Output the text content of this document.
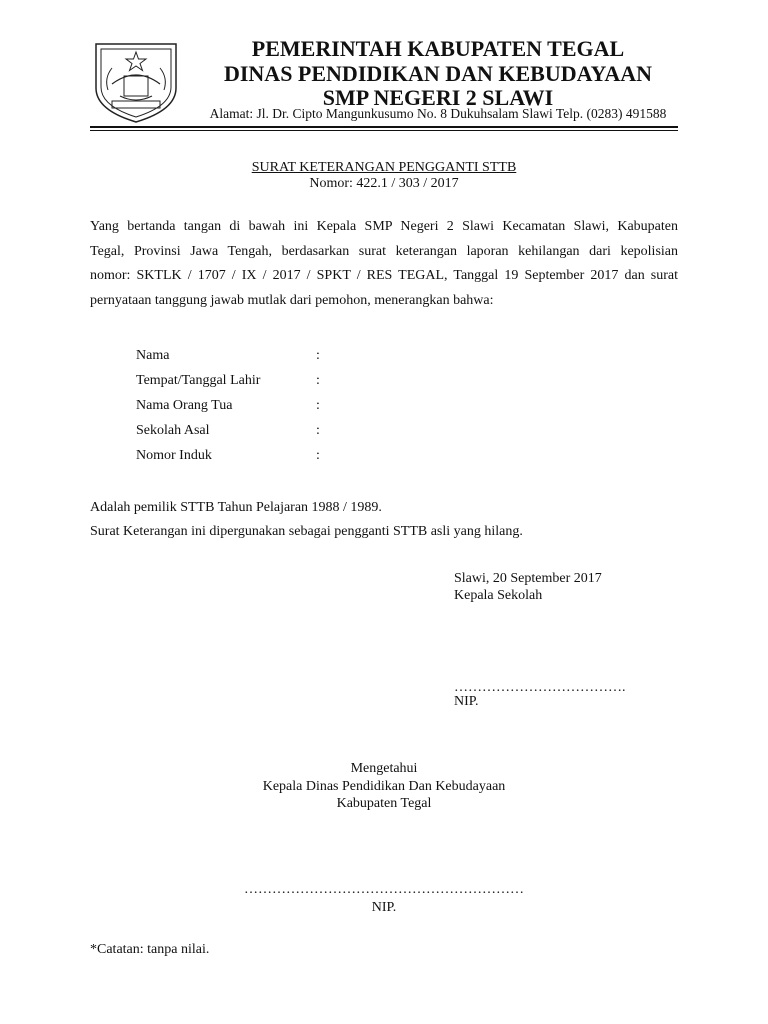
PEMERINTAH KABUPATEN TEGAL
DINAS PENDIDIKAN DAN KEBUDAYAAN
SMP NEGERI 2 SLAWI
Alamat: Jl. Dr. Cipto Mangunkusumo No. 8 Dukuhsalam Slawi Telp. (0283) 491588
SURAT KETERANGAN PENGGANTI STTB
Nomor: 422.1 / 303 / 2017
Yang bertanda tangan di bawah ini Kepala SMP Negeri 2 Slawi Kecamatan Slawi, Kabupaten
Tegal, Provinsi Jawa Tengah, berdasarkan surat keterangan laporan kehilangan dari kepolisian
nomor: SKTLK / 1707 / IX / 2017 / SPKT / RES TEGAL, Tanggal 19 September 2017 dan surat
pernyataan tanggung jawab mutlak dari pemohon, menerangkan bahwa:
Nama	:
Tempat/Tanggal Lahir	:
Nama Orang Tua	:
Sekolah Asal	:
Nomor Induk	:
Adalah pemilik STTB Tahun Pelajaran 1988 / 1989.
Surat Keterangan ini dipergunakan sebagai pengganti STTB asli yang hilang.
Slawi, 20 September 2017
Kepala Sekolah
……………………………….
NIP.
Mengetahui
Kepala Dinas Pendidikan Dan Kebudayaan
Kabupaten Tegal
……………………………………………………
NIP.
*Catatan: tanpa nilai.
